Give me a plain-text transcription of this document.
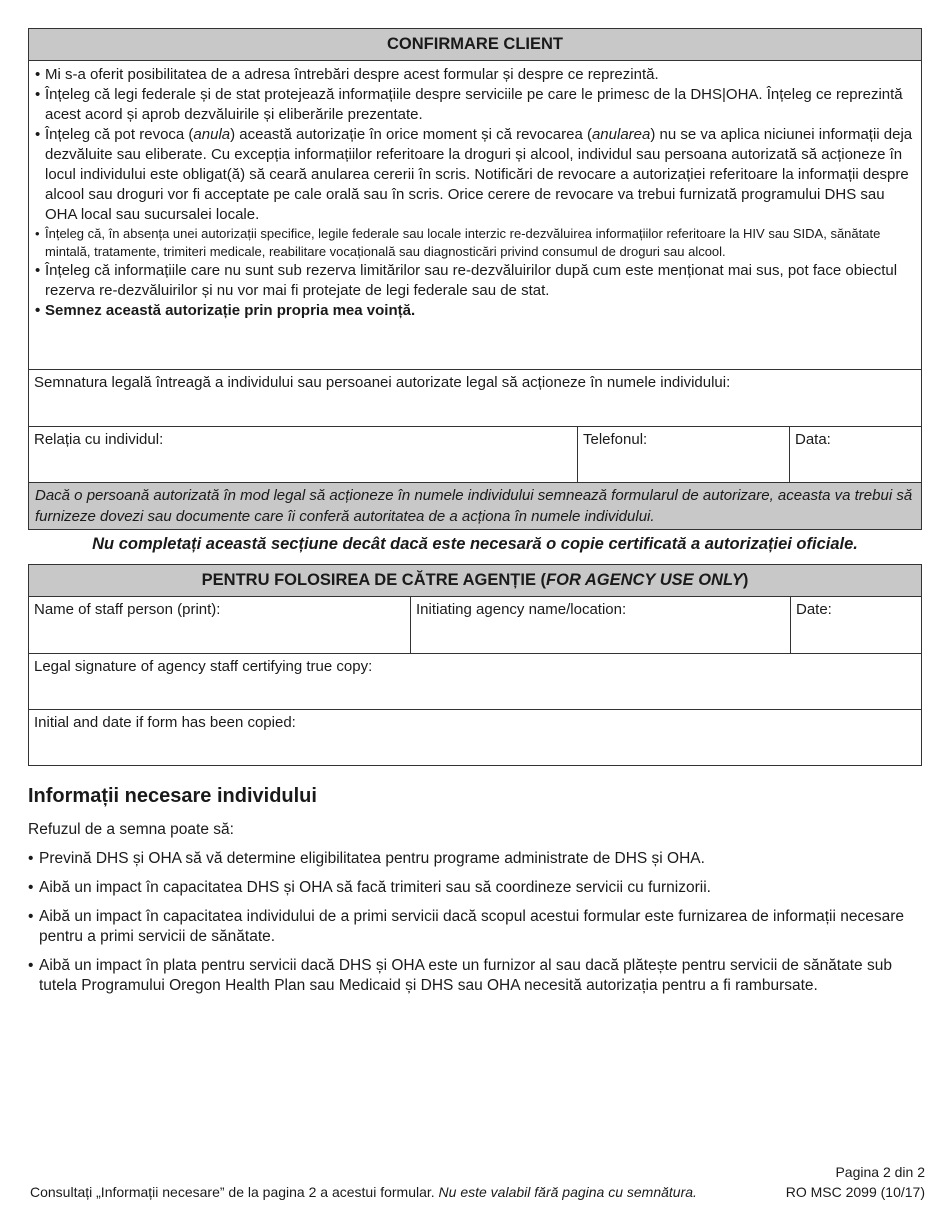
CONFIRMARE CLIENT
• Mi s-a oferit posibilitatea de a adresa întrebări despre acest formular și despre ce reprezintă.
• Înțeleg că legi federale și de stat protejează informațiile despre serviciile pe care le primesc de la DHS|OHA. Înțeleg ce reprezintă acest acord și aprob dezvăluirile și eliberările prezentate.
• Înțeleg că pot revoca (anula) această autorizație în orice moment și că revocarea (anularea) nu se va aplica niciunei informații deja dezvăluite sau eliberate. Cu excepția informațiilor referitoare la droguri și alcool, individul sau persoana autorizată să acționeze în locul individului este obligat(ă) să ceară anularea cererii în scris. Notificări de revocare a autorizației referitoare la informații despre alcool sau droguri vor fi acceptate pe cale orală sau în scris. Orice cerere de revocare va trebui furnizată programului DHS sau OHA local sau sucursalei locale.
• Înțeleg că, în absența unei autorizații specifice, legile federale sau locale interzic re-dezvăluirea informațiilor referitoare la HIV sau SIDA, sănătate mintală, tratamente, trimiteri medicale, reabilitare vocațională sau diagnosticări privind consumul de droguri sau alcool.
• Înțeleg că informațiile care nu sunt sub rezerva limitărilor sau re-dezvăluirilor după cum este menționat mai sus, pot face obiectul rezerva re-dezvăluirilor și nu vor mai fi protejate de legi federale sau de stat.
• Semnez această autorizație prin propria mea voință.
Semnatura legală întreagă a individului sau persoanei autorizate legal să acționeze în numele individului:
Relația cu individul:	Telefonul:	Data:
Dacă o persoană autorizată în mod legal să acționeze în numele individului semnează formularul de autorizare, aceasta va trebui să furnizeze dovezi sau documente care îi conferă autoritatea de a acționa în numele individului.
Nu completați această secțiune decât dacă este necesară o copie certificată a autorizației oficiale.
PENTRU FOLOSIREA DE CĂTRE AGENȚIE (FOR AGENCY USE ONLY)
Name of staff person (print):	Initiating agency name/location:	Date:
Legal signature of agency staff certifying true copy:
Initial and date if form has been copied:
Informații necesare individului

Refuzul de a semna poate să:

• Prevină DHS și OHA să vă determine eligibilitatea pentru programe administrate de DHS și OHA.

• Aibă un impact în capacitatea DHS și OHA să facă trimiteri sau să coordineze servicii cu furnizorii.

• Aibă un impact în capacitatea individului de a primi servicii dacă scopul acestui formular este furnizarea de informații necesare pentru a primi servicii de sănătate.

• Aibă un impact în plata pentru servicii dacă DHS și OHA este un furnizor al sau dacă plătește pentru servicii de sănătate sub tutela Programului Oregon Health Plan sau Medicaid și DHS sau OHA necesită autorizația pentru a fi rambursate.

Consultați „Informații necesare” de la pagina 2 a acestui formular. Nu este valabil fără pagina cu semnătura.
Pagina 2 din 2
RO MSC 2099 (10/17)
